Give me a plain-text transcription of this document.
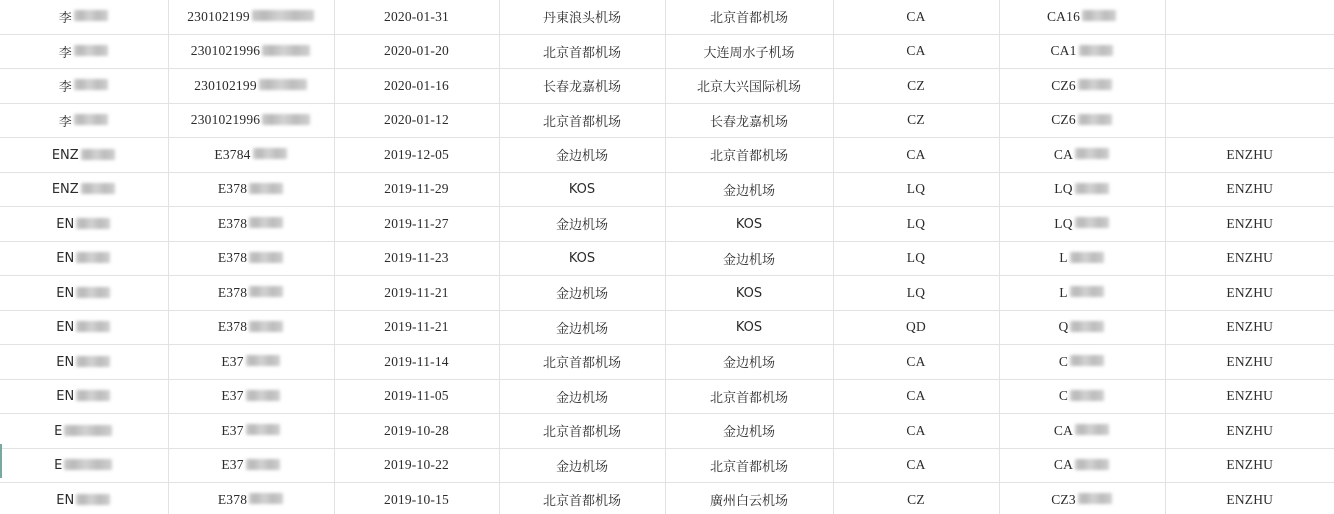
李	230102199	2020-01-31	丹東浪头机场	北京首都机场	CA	CA16	

李	2301021996	2020-01-20	北京首都机场	大连周水子机场	CA	CA1	

李	230102199	2020-01-16	长春龙嘉机场	北京大兴国际机场	CZ	CZ6	

李	2301021996	2020-01-12	北京首都机场	长春龙嘉机场	CZ	CZ6	

ENZ	E3784	2019-12-05	金边机场	北京首都机场	CA	CA	ENZHU

ENZ	E378	2019-11-29	KOS	金边机场	LQ	LQ	ENZHU

EN	E378	2019-11-27	金边机场	KOS	LQ	LQ	ENZHU

EN	E378	2019-11-23	KOS	金边机场	LQ	L	ENZHU

EN	E378	2019-11-21	金边机场	KOS	LQ	L	ENZHU

EN	E378	2019-11-21	金边机场	KOS	QD	Q	ENZHU

EN	E37	2019-11-14	北京首都机场	金边机场	CA	C	ENZHU

EN	E37	2019-11-05	金边机场	北京首都机场	CA	C	ENZHU

E	E37	2019-10-28	北京首都机场	金边机场	CA	CA	ENZHU

E	E37	2019-10-22	金边机场	北京首都机场	CA	CA	ENZHU

EN	E378	2019-10-15	北京首都机场	廣州白云机场	CZ	CZ3	ENZHU
